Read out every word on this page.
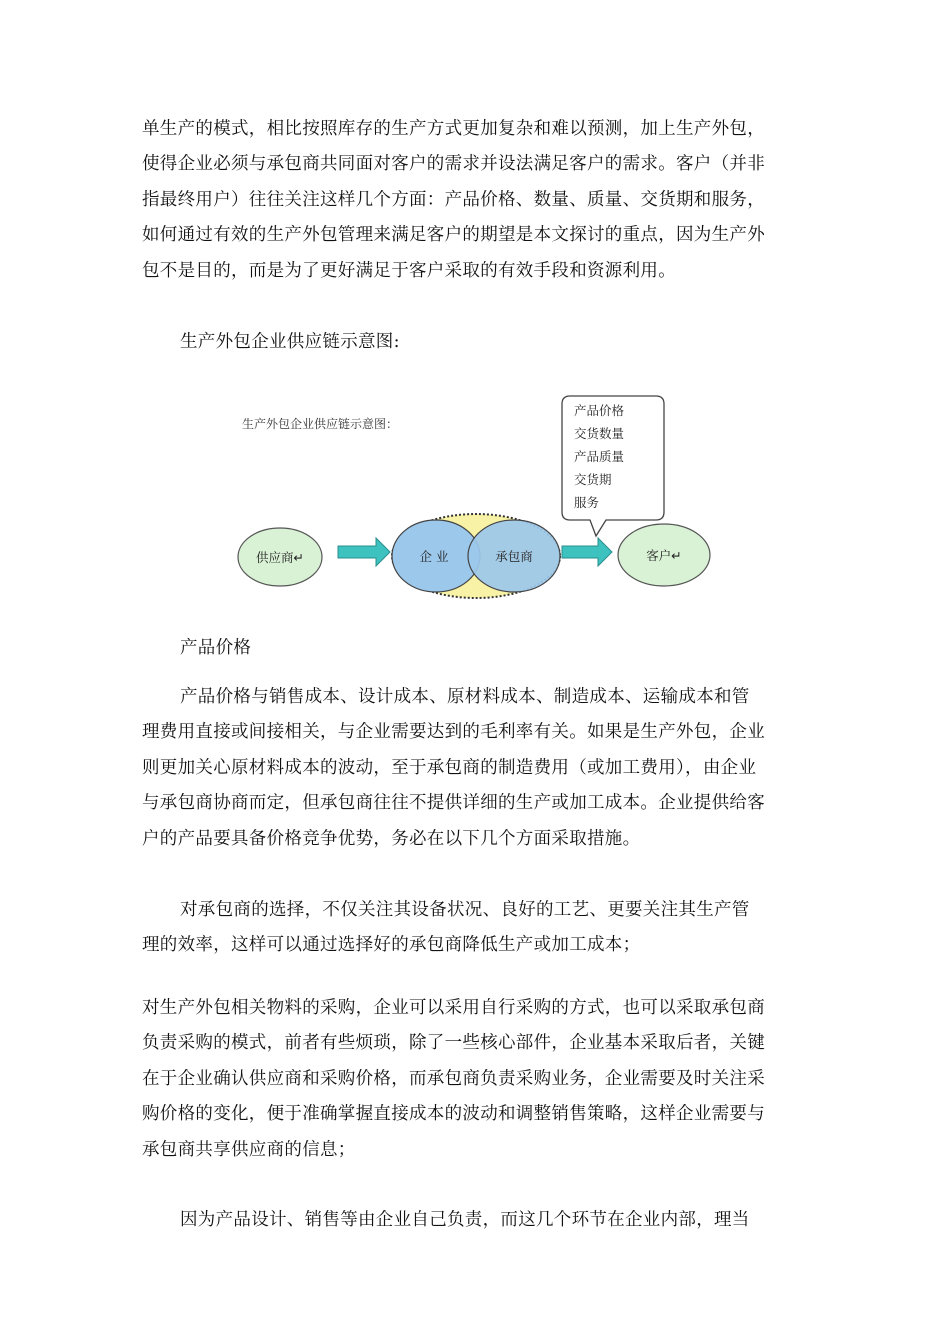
单生产的模式，相比按照库存的生产方式更加复杂和难以预测，加上生产外包，
使得企业必须与承包商共同面对客户的需求并设法满足客户的需求。客户（并非
指最终用户）往往关注这样几个方面：产品价格、数量、质量、交货期和服务，
如何通过有效的生产外包管理来满足客户的期望是本文探讨的重点，因为生产外
包不是目的，而是为了更好满足于客户采取的有效手段和资源利用。

生产外包企业供应链示意图:

生产外包企业供应链示意图：
产品价格
交货数量
产品质量
交货期
服务
供应商↵	企 业	承包商	客户↵

产品价格

产品价格与销售成本、设计成本、原材料成本、制造成本、运输成本和管
理费用直接或间接相关，与企业需要达到的毛利率有关。如果是生产外包，企业
则更加关心原材料成本的波动，至于承包商的制造费用（或加工费用），由企业
与承包商协商而定，但承包商往往不提供详细的生产或加工成本。企业提供给客
户的产品要具备价格竞争优势，务必在以下几个方面采取措施。

对承包商的选择，不仅关注其设备状况、良好的工艺、更要关注其生产管
理的效率，这样可以通过选择好的承包商降低生产或加工成本；

对生产外包相关物料的采购，企业可以采用自行采购的方式，也可以采取承包商
负责采购的模式，前者有些烦琐，除了一些核心部件，企业基本采取后者，关键
在于企业确认供应商和采购价格，而承包商负责采购业务，企业需要及时关注采
购价格的变化，便于准确掌握直接成本的波动和调整销售策略，这样企业需要与
承包商共享供应商的信息；

因为产品设计、销售等由企业自己负责，而这几个环节在企业内部，理当
